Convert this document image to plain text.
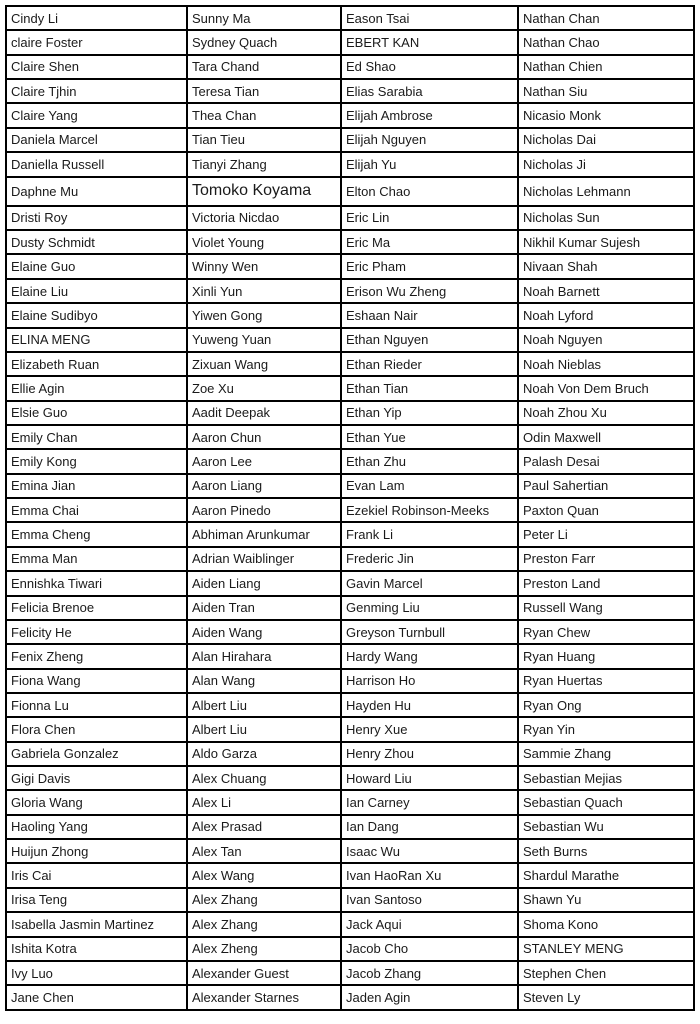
Cindy Li	Sunny Ma	Eason Tsai	Nathan Chan
claire Foster	Sydney Quach	EBERT KAN	Nathan Chao
Claire Shen	Tara Chand	Ed Shao	Nathan Chien
Claire Tjhin	Teresa Tian	Elias Sarabia	Nathan Siu
Claire Yang	Thea Chan	Elijah Ambrose	Nicasio Monk
Daniela Marcel	Tian Tieu	Elijah Nguyen	Nicholas Dai
Daniella Russell	Tianyi Zhang	Elijah Yu	Nicholas Ji
Daphne Mu	Tomoko Koyama	Elton Chao	Nicholas Lehmann
Dristi Roy	Victoria Nicdao	Eric Lin	Nicholas Sun
Dusty Schmidt	Violet Young	Eric Ma	Nikhil Kumar Sujesh
Elaine Guo	Winny Wen	Eric Pham	Nivaan Shah
Elaine Liu	Xinli Yun	Erison Wu Zheng	Noah Barnett
Elaine Sudibyo	Yiwen Gong	Eshaan Nair	Noah Lyford
ELINA MENG	Yuweng Yuan	Ethan Nguyen	Noah Nguyen
Elizabeth Ruan	Zixuan Wang	Ethan Rieder	Noah Nieblas
Ellie Agin	Zoe Xu	Ethan Tian	Noah Von Dem Bruch
Elsie Guo	Aadit Deepak	Ethan Yip	Noah Zhou Xu
Emily Chan	Aaron Chun	Ethan Yue	Odin Maxwell
Emily Kong	Aaron Lee	Ethan Zhu	Palash Desai
Emina Jian	Aaron Liang	Evan Lam	Paul Sahertian
Emma Chai	Aaron Pinedo	Ezekiel Robinson-Meeks	Paxton Quan
Emma Cheng	Abhiman Arunkumar	Frank Li	Peter Li
Emma Man	Adrian Waiblinger	Frederic Jin	Preston Farr
Ennishka Tiwari	Aiden Liang	Gavin Marcel	Preston Land
Felicia Brenoe	Aiden Tran	Genming Liu	Russell Wang
Felicity He	Aiden Wang	Greyson Turnbull	Ryan Chew
Fenix Zheng	Alan Hirahara	Hardy Wang	Ryan Huang
Fiona Wang	Alan Wang	Harrison Ho	Ryan Huertas
Fionna Lu	Albert Liu	Hayden Hu	Ryan Ong
Flora Chen	Albert Liu	Henry Xue	Ryan Yin
Gabriela Gonzalez	Aldo Garza	Henry Zhou	Sammie Zhang
Gigi Davis	Alex Chuang	Howard Liu	Sebastian Mejias
Gloria Wang	Alex Li	Ian Carney	Sebastian Quach
Haoling Yang	Alex Prasad	Ian Dang	Sebastian Wu
Huijun Zhong	Alex Tan	Isaac Wu	Seth Burns
Iris Cai	Alex Wang	Ivan HaoRan Xu	Shardul Marathe
Irisa Teng	Alex Zhang	Ivan Santoso	Shawn Yu
Isabella Jasmin Martinez	Alex Zhang	Jack Aqui	Shoma Kono
Ishita Kotra	Alex Zheng	Jacob Cho	STANLEY MENG
Ivy Luo	Alexander Guest	Jacob Zhang	Stephen Chen
Jane Chen	Alexander Starnes	Jaden Agin	Steven Ly
